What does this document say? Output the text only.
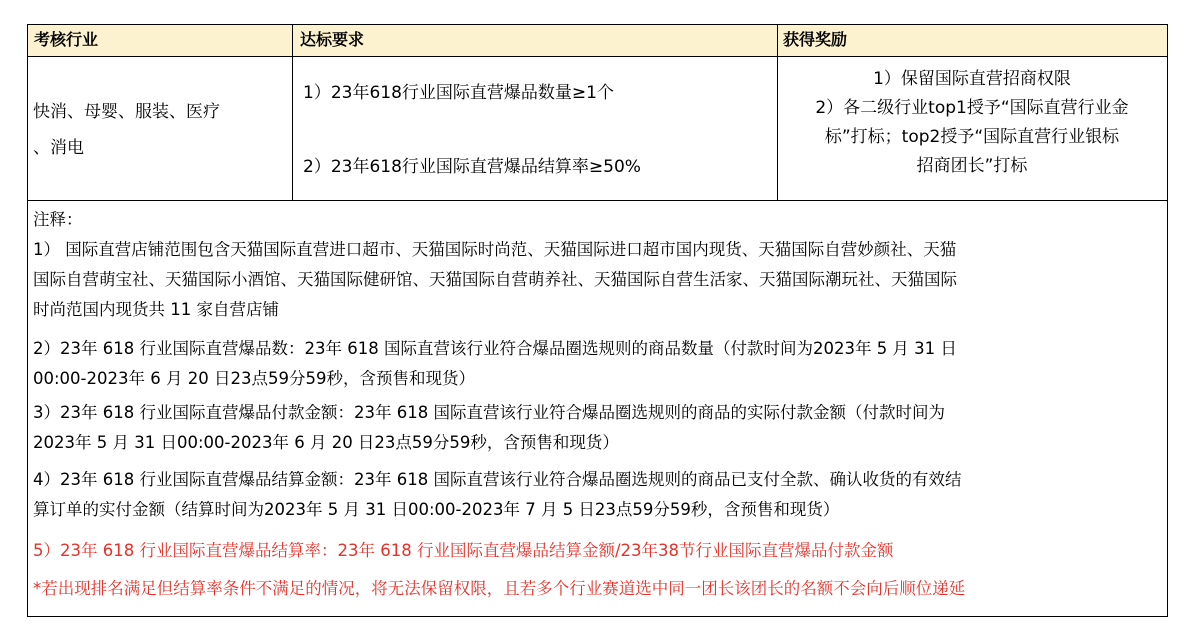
考核行业	达标要求	获得奖励
快消、母婴、服装、医疗
、消电
1）23年618行业国际直营爆品数量≥1个
2）23年618行业国际直营爆品结算率≥50%
1）保留国际直营招商权限
2）各二级行业top1授予“国际直营行业金
标”打标；top2授予“国际直营行业银标
招商团长”打标
注释：
1） 国际直营店铺范围包含天猫国际直营进口超市、天猫国际时尚范、天猫国际进口超市国内现货、天猫国际自营妙颜社、天猫
国际自营萌宝社、天猫国际小酒馆、天猫国际健研馆、天猫国际自营萌养社、天猫国际自营生活家、天猫国际潮玩社、天猫国际
时尚范国内现货共 11 家自营店铺
2）23年 618 行业国际直营爆品数：23年 618 国际直营该行业符合爆品圈选规则的商品数量（付款时间为2023年 5 月 31 日
00:00-2023年 6 月 20 日23点59分59秒，含预售和现货）
3）23年 618 行业国际直营爆品付款金额：23年 618 国际直营该行业符合爆品圈选规则的商品的实际付款金额（付款时间为
2023年 5 月 31 日00:00-2023年 6 月 20 日23点59分59秒，含预售和现货）
4）23年 618 行业国际直营爆品结算金额：23年 618 国际直营该行业符合爆品圈选规则的商品已支付全款、确认收货的有效结
算订单的实付金额（结算时间为2023年 5 月 31 日00:00-2023年 7 月 5 日23点59分59秒，含预售和现货）
5）23年 618 行业国际直营爆品结算率：23年 618 行业国际直营爆品结算金额/23年38节行业国际直营爆品付款金额
*若出现排名满足但结算率条件不满足的情况，将无法保留权限，且若多个行业赛道选中同一团长该团长的名额不会向后顺位递延
